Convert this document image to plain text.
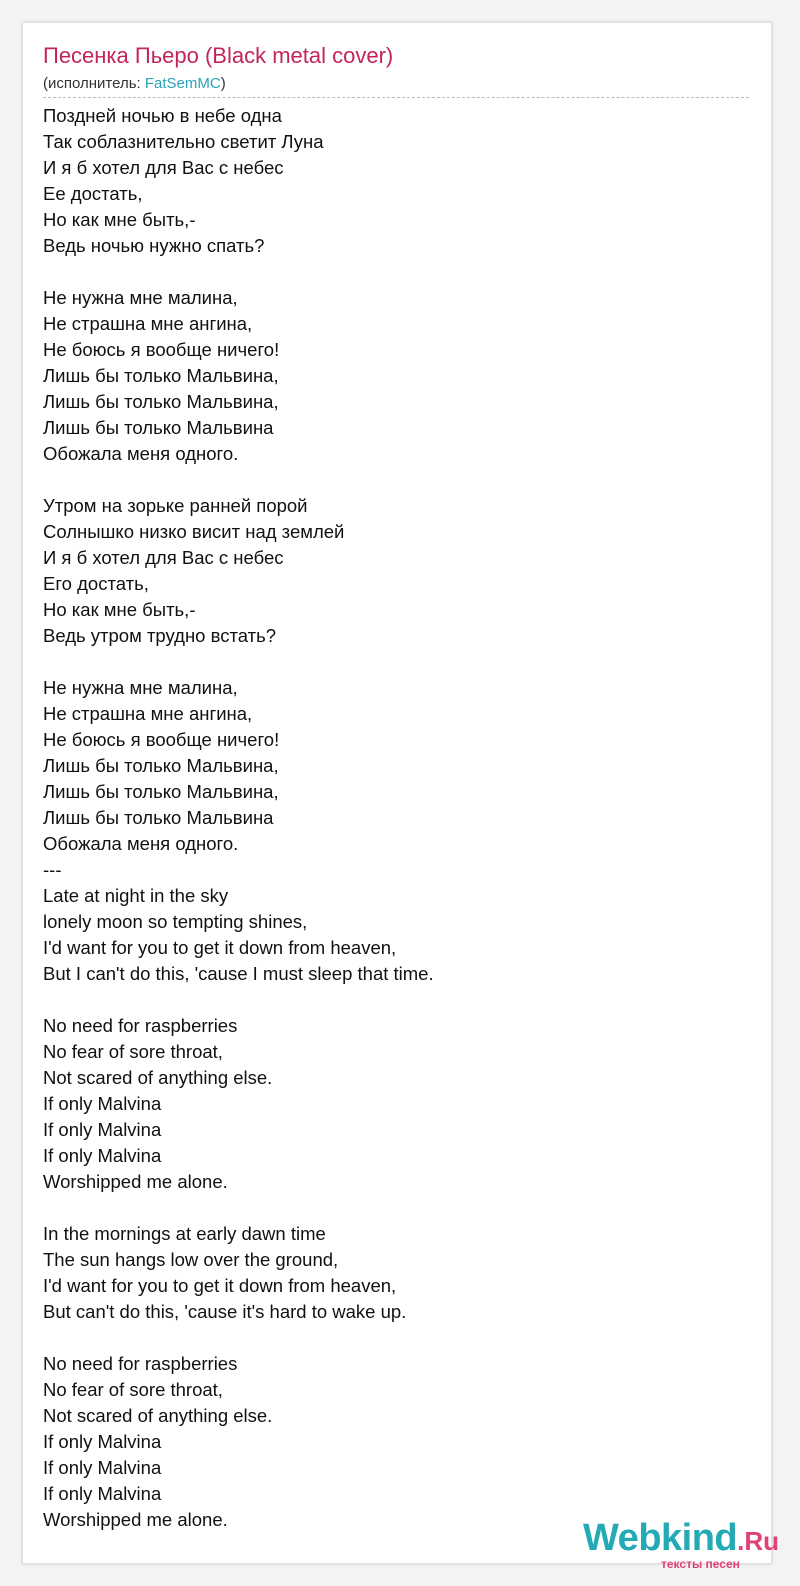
Песенка Пьеро (Black metal cover)
(исполнитель: FatSemMC)
Поздней ночью в небе одна
Так соблазнительно светит Луна
И я б хотел для Вас с небес
Ее достать,
Но как мне быть,-
Ведь ночью нужно спать?

Не нужна мне малина,
Не страшна мне ангина,
Не боюсь я вообще ничего!
Лишь бы только Мальвина,
Лишь бы только Мальвина,
Лишь бы только Мальвина
Обожала меня одного.

Утром на зорьке ранней порой
Солнышко низко висит над землей
И я б хотел для Вас с небес
Его достать,
Но как мне быть,-
Ведь утром трудно встать?

Не нужна мне малина,
Не страшна мне ангина,
Не боюсь я вообще ничего!
Лишь бы только Мальвина,
Лишь бы только Мальвина,
Лишь бы только Мальвина
Обожала меня одного.
---
Late at night in the sky
lonely moon so tempting shines,
I'd want for you to get it down from heaven,
But I can't do this, 'cause I must sleep that time.

No need for raspberries
No fear of sore throat,
Not scared of anything else.
If only Malvina
If only Malvina
If only Malvina
Worshipped me alone.

In the mornings at early dawn time
The sun hangs low over the ground,
I'd want for you to get it down from heaven,
But can't do this, 'cause it's hard to wake up.

No need for raspberries
No fear of sore throat,
Not scared of anything else.
If only Malvina
If only Malvina
If only Malvina
Worshipped me alone.	Webkind.Ru
тексты песен
